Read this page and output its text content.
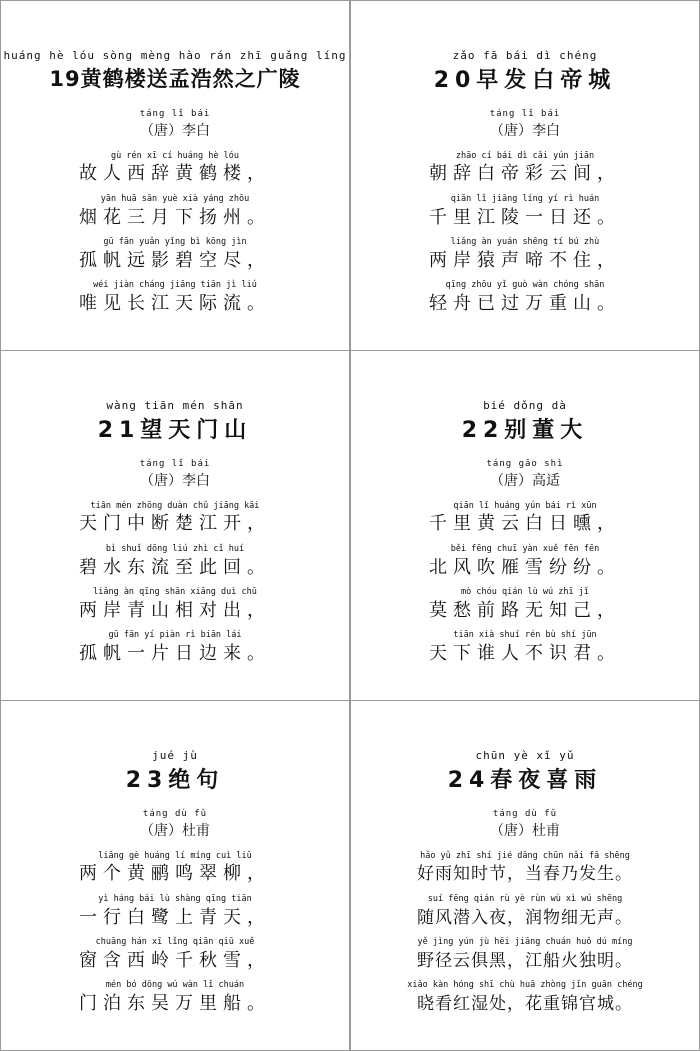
huáng hè lóu sòng mèng hào rán zhī guǎng líng
19黄鹤楼送孟浩然之广陵
táng lǐ bái
（唐）李白
gù rén xī cí huáng hè lóu
故人西辞黄鹤楼，
yān huā sān yuè xià yáng zhōu
烟花三月下扬州。
gū fān yuǎn yǐng bì kōng jìn
孤帆远影碧空尽，
wéi jiàn cháng jiāng tiān jì liú
唯见长江天际流。
zǎo fā bái dì chéng
20早发白帝城
táng lǐ bái
（唐）李白
zhāo cí bái dì cǎi yún jiān
朝辞白帝彩云间，
qiān lǐ jiāng líng yí rì huán
千里江陵一日还。
liǎng àn yuán shēng tí bú zhù
两岸猿声啼不住，
qīng zhōu yǐ guò wàn chóng shān
轻舟已过万重山。
wàng tiān mén shān
21望天门山
táng lǐ bái
（唐）李白
tiān mén zhōng duàn chǔ jiāng kāi
天门中断楚江开，
bì shuǐ dōng liú zhì cǐ huí
碧水东流至此回。
liǎng àn qīng shān xiāng duì chū
两岸青山相对出，
gū fān yí piàn rì biān lái
孤帆一片日边来。
bié dǒng dà
22别董大
táng gāo shì
（唐）高适
qiān lǐ huáng yún bái rì xūn
千里黄云白日曛，
běi fēng chuī yàn xuě fēn fēn
北风吹雁雪纷纷。
mò chóu qián lù wú zhī jǐ
莫愁前路无知己，
tiān xià shuí rén bù shí jūn
天下谁人不识君。
jué jù
23绝句
táng dù fǔ
（唐）杜甫
liǎng gè huáng lí míng cuì liǔ
两个黄鹂鸣翠柳，
yì háng bái lù shàng qīng tiān
一行白鹭上青天，
chuāng hán xī lǐng qiān qiū xuě
窗含西岭千秋雪，
mén bó dōng wú wàn lǐ chuán
门泊东吴万里船。
chūn yè xǐ yǔ
24春夜喜雨
táng dù fǔ
（唐）杜甫
hǎo yǔ zhī shí jié dāng chūn nǎi fā shēng
好雨知时节，当春乃发生。
suí fēng qián rù yè rùn wù xì wú shēng
随风潜入夜，润物细无声。
yě jìng yún jù hēi jiāng chuán huǒ dú míng
野径云俱黑，江船火独明。
xiǎo kàn hóng shī chù huā zhòng jǐn guān chéng
晓看红湿处，花重锦官城。
